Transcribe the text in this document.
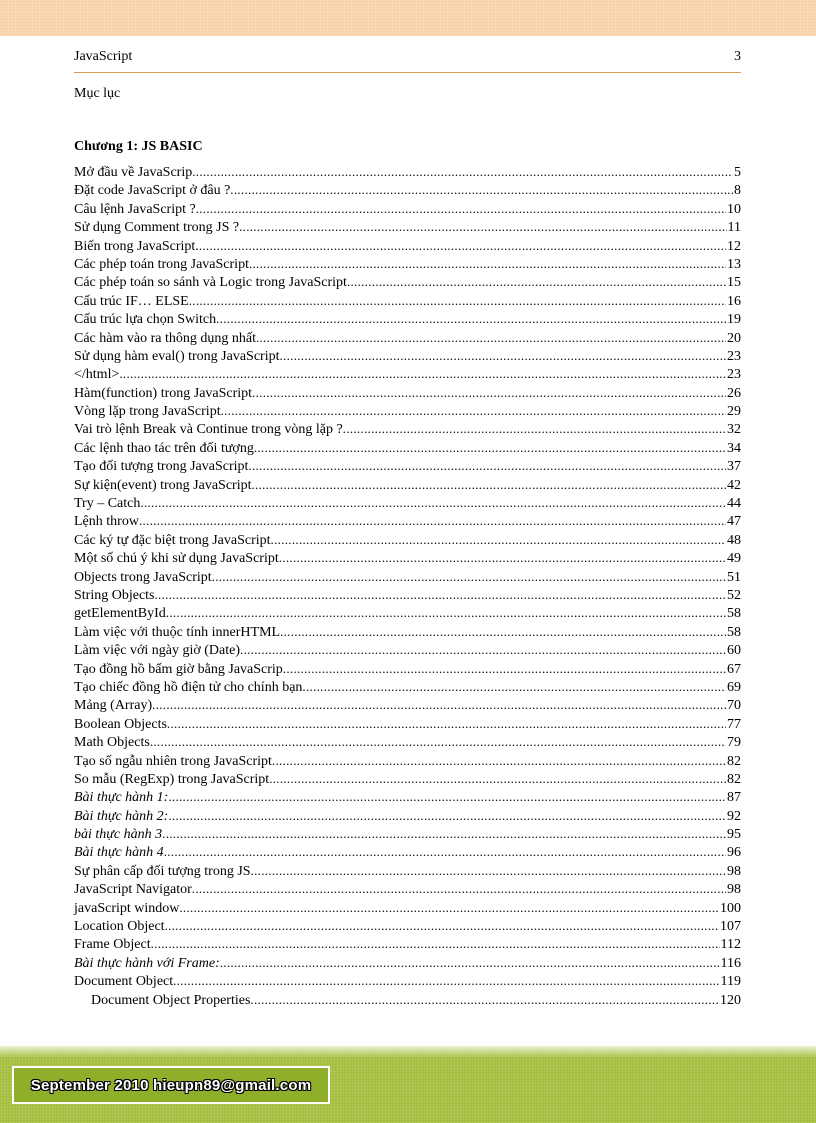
JavaScript	3
Mục lục
Chương 1: JS BASIC
Mở đầu về JavaScrip .....	5
Đặt code JavaScript ở đâu ? .....	8
Câu lệnh JavaScript ? .....	10
Sử dụng Comment trong JS ? .....	11
Biến trong JavaScript. .....	12
Các phép toán trong JavaScript .....	13
Các phép toán so sánh và Logic trong JavaScript .....	15
Cấu trúc IF… ELSE .....	16
Cấu trúc lựa chọn Switch .....	19
Các hàm vào ra thông dụng nhất .....	20
Sử dụng hàm eval() trong JavaScript .....	23
</html> .....	23
Hàm(function) trong JavaScript .....	26
Vòng lặp trong JavaScript .....	29
Vai trò lệnh Break và Continue trong vòng lặp ? .....	32
Các lệnh thao tác trên đối tượng .....	34
Tạo đối tượng trong JavaScript .....	37
Sự kiện(event) trong JavaScript .....	42
Try – Catch .....	44
Lệnh throw .....	47
Các ký tự đặc biệt trong JavaScript .....	48
Một số chú ý khi sử dụng JavaScript .....	49
Objects trong JavaScript .....	51
String Objects .....	52
getElementById .....	58
Làm việc với thuộc tính innerHTML .....	58
Làm việc với ngày giờ (Date) .....	60
Tạo đồng hồ bấm giờ bằng JavaScrip .....	67
Tạo chiếc đồng hồ điện tử cho chính bạn .....	69
Mảng (Array) .....	70
Boolean Objects .....	77
Math Objects .....	79
Tạo số ngẫu nhiên trong JavaScript .....	82
So mẫu (RegExp) trong JavaScript .....	82
Bài thực hành 1: .....	87
Bài thực hành 2: .....	92
bài thực hành 3 .....	95
Bài thực hành 4 .....	96
Sự phân cấp đối tượng trong JS .....	98
JavaScript Navigator .....	98
javaScript window .....	100
Location Object .....	107
Frame Object .....	112
Bài thực hành với Frame: .....	116
Document Object .....	119
Document Object Properties .....	120
September 2010 hieupn89@gmail.com
